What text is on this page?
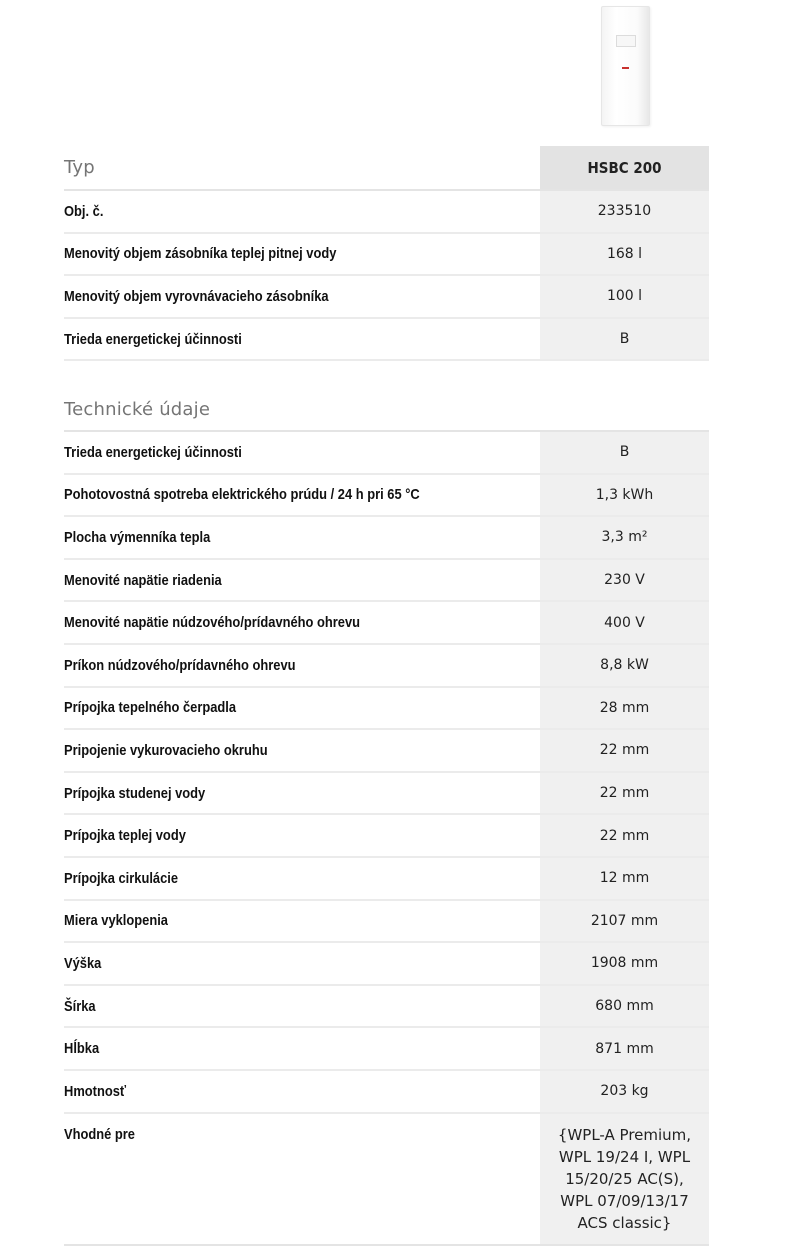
Typ	HSBC 200
Obj. č.	233510
Menovitý objem zásobníka teplej pitnej vody	168 l
Menovitý objem vyrovnávacieho zásobníka	100 l
Trieda energetickej účinnosti	B
Technické údaje
Trieda energetickej účinnosti	B
Pohotovostná spotreba elektrického prúdu / 24 h pri 65 °C	1,3 kWh
Plocha výmenníka tepla	3,3 m²
Menovité napätie riadenia	230 V
Menovité napätie núdzového/prídavného ohrevu	400 V
Príkon núdzového/prídavného ohrevu	8,8 kW
Prípojka tepelného čerpadla	28 mm
Pripojenie vykurovacieho okruhu	22 mm
Prípojka studenej vody	22 mm
Prípojka teplej vody	22 mm
Prípojka cirkulácie	12 mm
Miera vyklopenia	2107 mm
Výška	1908 mm
Šírka	680 mm
Hĺbka	871 mm
Hmotnosť	203 kg
Vhodné pre	{WPL-A Premium, WPL 19/24 I, WPL 15/20/25 AC(S), WPL 07/09/13/17 ACS classic}
